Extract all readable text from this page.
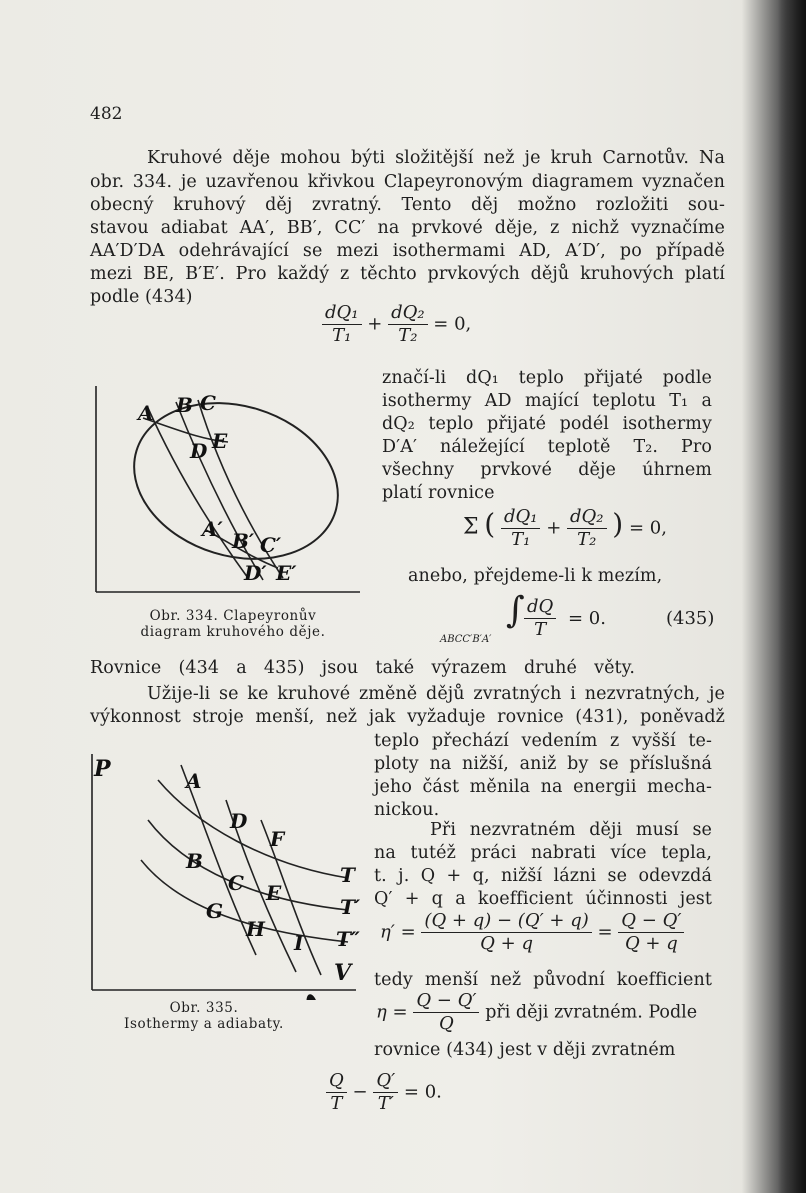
482
Kruhové děje mohou býti složitější než je kruh Carnotův. Na
obr. 334. je uzavřenou křivkou Clapeyronovým diagramem vyznačen
obecný kruhový děj zvratný. Tento děj možno rozložiti sou-
stavou adiabat AA′, BB′, CC′ na prvkové děje, z nichž vyznačíme
AA′D′DA odehrávající se mezi isothermami AD, A′D′, po případě
mezi BE, B′E′. Pro každý z těchto prvkových dějů kruhových platí
podle (434)
$\frac{\text{dQ₁}}{\text{T₁}} + \frac{\text{dQ₂}}{\text{T₂}} = 0$,
A B C
D E
A′ B′ C′
D′ E′
Obr. 334. Clapeyronův
diagram kruhového děje.
značí-li dQ₁ teplo přijaté podle
isothermy AD mající teplotu T₁ a
dQ₂ teplo přijaté podél isothermy
D′A′ náležející teplotě T₂. Pro
všechny prvkové děje úhrnem
platí rovnice
Σ ( $\frac{\text{dQ₁}}{\text{T₁}} + \frac{\text{dQ₂}}{\text{T₂}}$ ) = 0,
anebo, přejdeme-li k mezím,
ABCC′B′A′
∫ $\frac{dQ}{T} = 0$.	(435)
Rovnice (434 a 435) jsou také výrazem druhé věty.
Užije-li se ke kruhové změně dějů zvratných i nezvratných, je
výkonnost stroje menší, než jak vyžaduje rovnice (431), poněvadž
teplo přechází vedením z vyšší te-
ploty na nižší, aniž by se příslušná
jeho část měnila na energii mecha-
nickou.
Při nezvratném ději musí se
na tutéž práci nabrati více tepla,
t. j. Q + q, nižší lázni se odevzdá
Q′ + q a koefficient účinnosti jest
$\eta' = \frac{(Q + q) - (Q' + q)}{Q + q} = \frac{Q - Q'}{Q + q}$
tedy menší než původní koefficient
$\eta = \frac{Q - Q'}{Q}$ při ději zvratném. Podle
rovnice (434) jest v ději zvratném
$\frac{Q}{T} - \frac{Q'}{T'} = 0$.
P
V
A
B
C
D
E
F
G
H
I
T
T′
T″
Obr. 335.
Isothermy a adiabaty.
